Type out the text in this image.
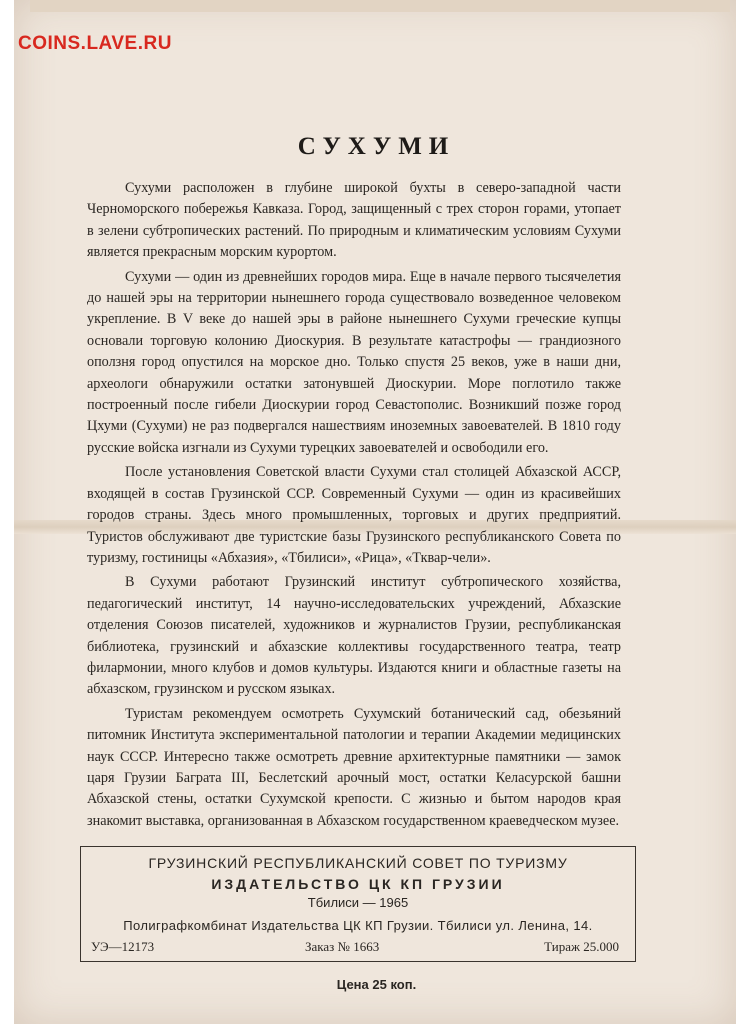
COINS.LAVE.RU
СУХУМИ

Сухуми расположен в глубине широкой бухты в северо-западной части Черноморского побережья Кавказа. Город, защищенный с трех сторон горами, утопает в зелени субтропических растений. По природным и климатическим условиям Сухуми является прекрасным морским курортом.

Сухуми — один из древнейших городов мира. Еще в начале первого тысячелетия до нашей эры на территории нынешнего города существовало возведенное человеком укрепление. В V веке до нашей эры в районе нынешнего Сухуми греческие купцы основали торговую колонию Диоскурия. В результате катастрофы — грандиозного оползня город опустился на морское дно. Только спустя 25 веков, уже в наши дни, археологи обнаружили остатки затонувшей Диоскурии. Море поглотило также построенный после гибели Диоскурии город Севастополис. Возникший позже город Цхуми (Сухуми) не раз подвергался нашествиям иноземных завоевателей. В 1810 году русские войска изгнали из Сухуми турецких завоевателей и освободили его.

После установления Советской власти Сухуми стал столицей Абхазской АССР, входящей в состав Грузинской ССР. Современный Сухуми — один из красивейших городов страны. Здесь много промышленных, торговых и других предприятий. Туристов обслуживают две туристские базы Грузинского республиканского Совета по туризму, гостиницы «Абхазия», «Тбилиси», «Рица», «Тквар-чели».

В Сухуми работают Грузинский институт субтропического хозяйства, педагогический институт, 14 научно-исследовательских учреждений, Абхазские отделения Союзов писателей, художников и журналистов Грузии, республиканская библиотека, грузинский и абхазские коллективы государственного театра, театр филармонии, много клубов и домов культуры. Издаются книги и областные газеты на абхазском, грузинском и русском языках.

Туристам рекомендуем осмотреть Сухумский ботанический сад, обезьяний питомник Института экспериментальной патологии и терапии Академии медицинских наук СССР. Интересно также осмотреть древние архитектурные памятники — замок царя Грузии Баграта III, Беслетский арочный мост, остатки Келасурской башни Абхазской стены, остатки Сухумской крепости. С жизнью и бытом народов края знакомит выставка, организованная в Абхазском государственном краеведческом музее.

ГРУЗИНСКИЙ РЕСПУБЛИКАНСКИЙ СОВЕТ ПО ТУРИЗМУ
ИЗДАТЕЛЬСТВО ЦК КП ГРУЗИИ
Тбилиси — 1965
Полиграфкомбинат Издательства ЦК КП Грузии. Тбилиси ул. Ленина, 14.
УЭ—12173	Заказ № 1663	Тираж 25.000
Цена 25 коп.
